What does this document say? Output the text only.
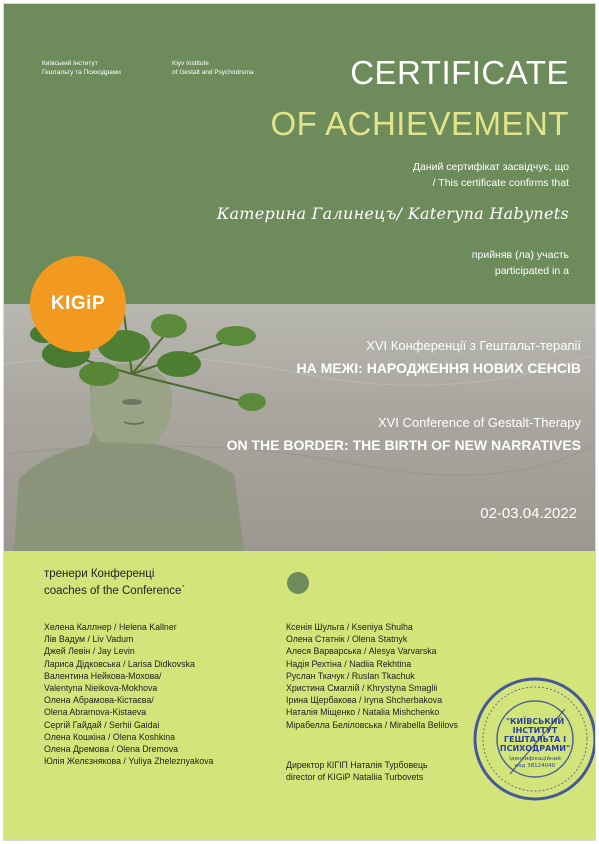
Київський Інститут
Гештальту та Психодрами
Kiyv Institute
of Gestalt and Psychodrsma	CERTIFICATE
OF ACHIEVEMENT
Даний сертифікат засвідчує, що
/ This certificate confirms that
Катерина Галинецъ/ Kateryna Habynets
прийняв (ла) участь
participated in a
KIGiP
XVI Конференції з Гештальт-терапії
НА МЕЖІ: НАРОДЖЕННЯ НОВИХ СЕНСІВ
XVI Conference of Gestalt-Therapy
ON THE BORDER: THE BIRTH OF NEW NARRATIVES
02-03.04.2022
тренери Конференці
coaches of the Conference`
Хелена Каллнер / Helena Kallner
Лів Вадум / Liv Vadum
Джей Левін / Jay Levin
Лариса Дідковська / Larisa Didkovska
Валентина Нейкова-Мохова/
Valentyna Nieikova-Mokhova
Олена Абрамова-Кістаєва/
Olena Abramova-Kistaeva
Сергій Гайдай / Serhii Gaidai
Олена Кошкіна / Olena Koshkina
Олена Дремова / Olena Dremova
Юлія Желєзнякова / Yuliya Zheleznyakova
Ксенія Шульга / Kseniya Shulha
Олена Статнік / Olena Statnyk
Алеся Варварська / Alesya Varvarska
Надія Рехтіна / Nadiia Rekhtina
Руслан Ткачук / Ruslan Tkachuk
Христина Смаглій / Khrystyna Smaglii
Ірина Щербакова / Iryna Shcherbakova
Наталія Міщенко / Natalia Mishchenko
Мірабелла Беліловська / Mirabella Belilovs
Директор КІГІП Наталія Турбовець
director of KIGiP Nataliia Turbovets
"КИЇВСЬКИЙ
ІНСТИТУТ
ГЕШТАЛЬТА І
ПСИХОДРАМИ"
Ідентифікаційний
код 38124040
